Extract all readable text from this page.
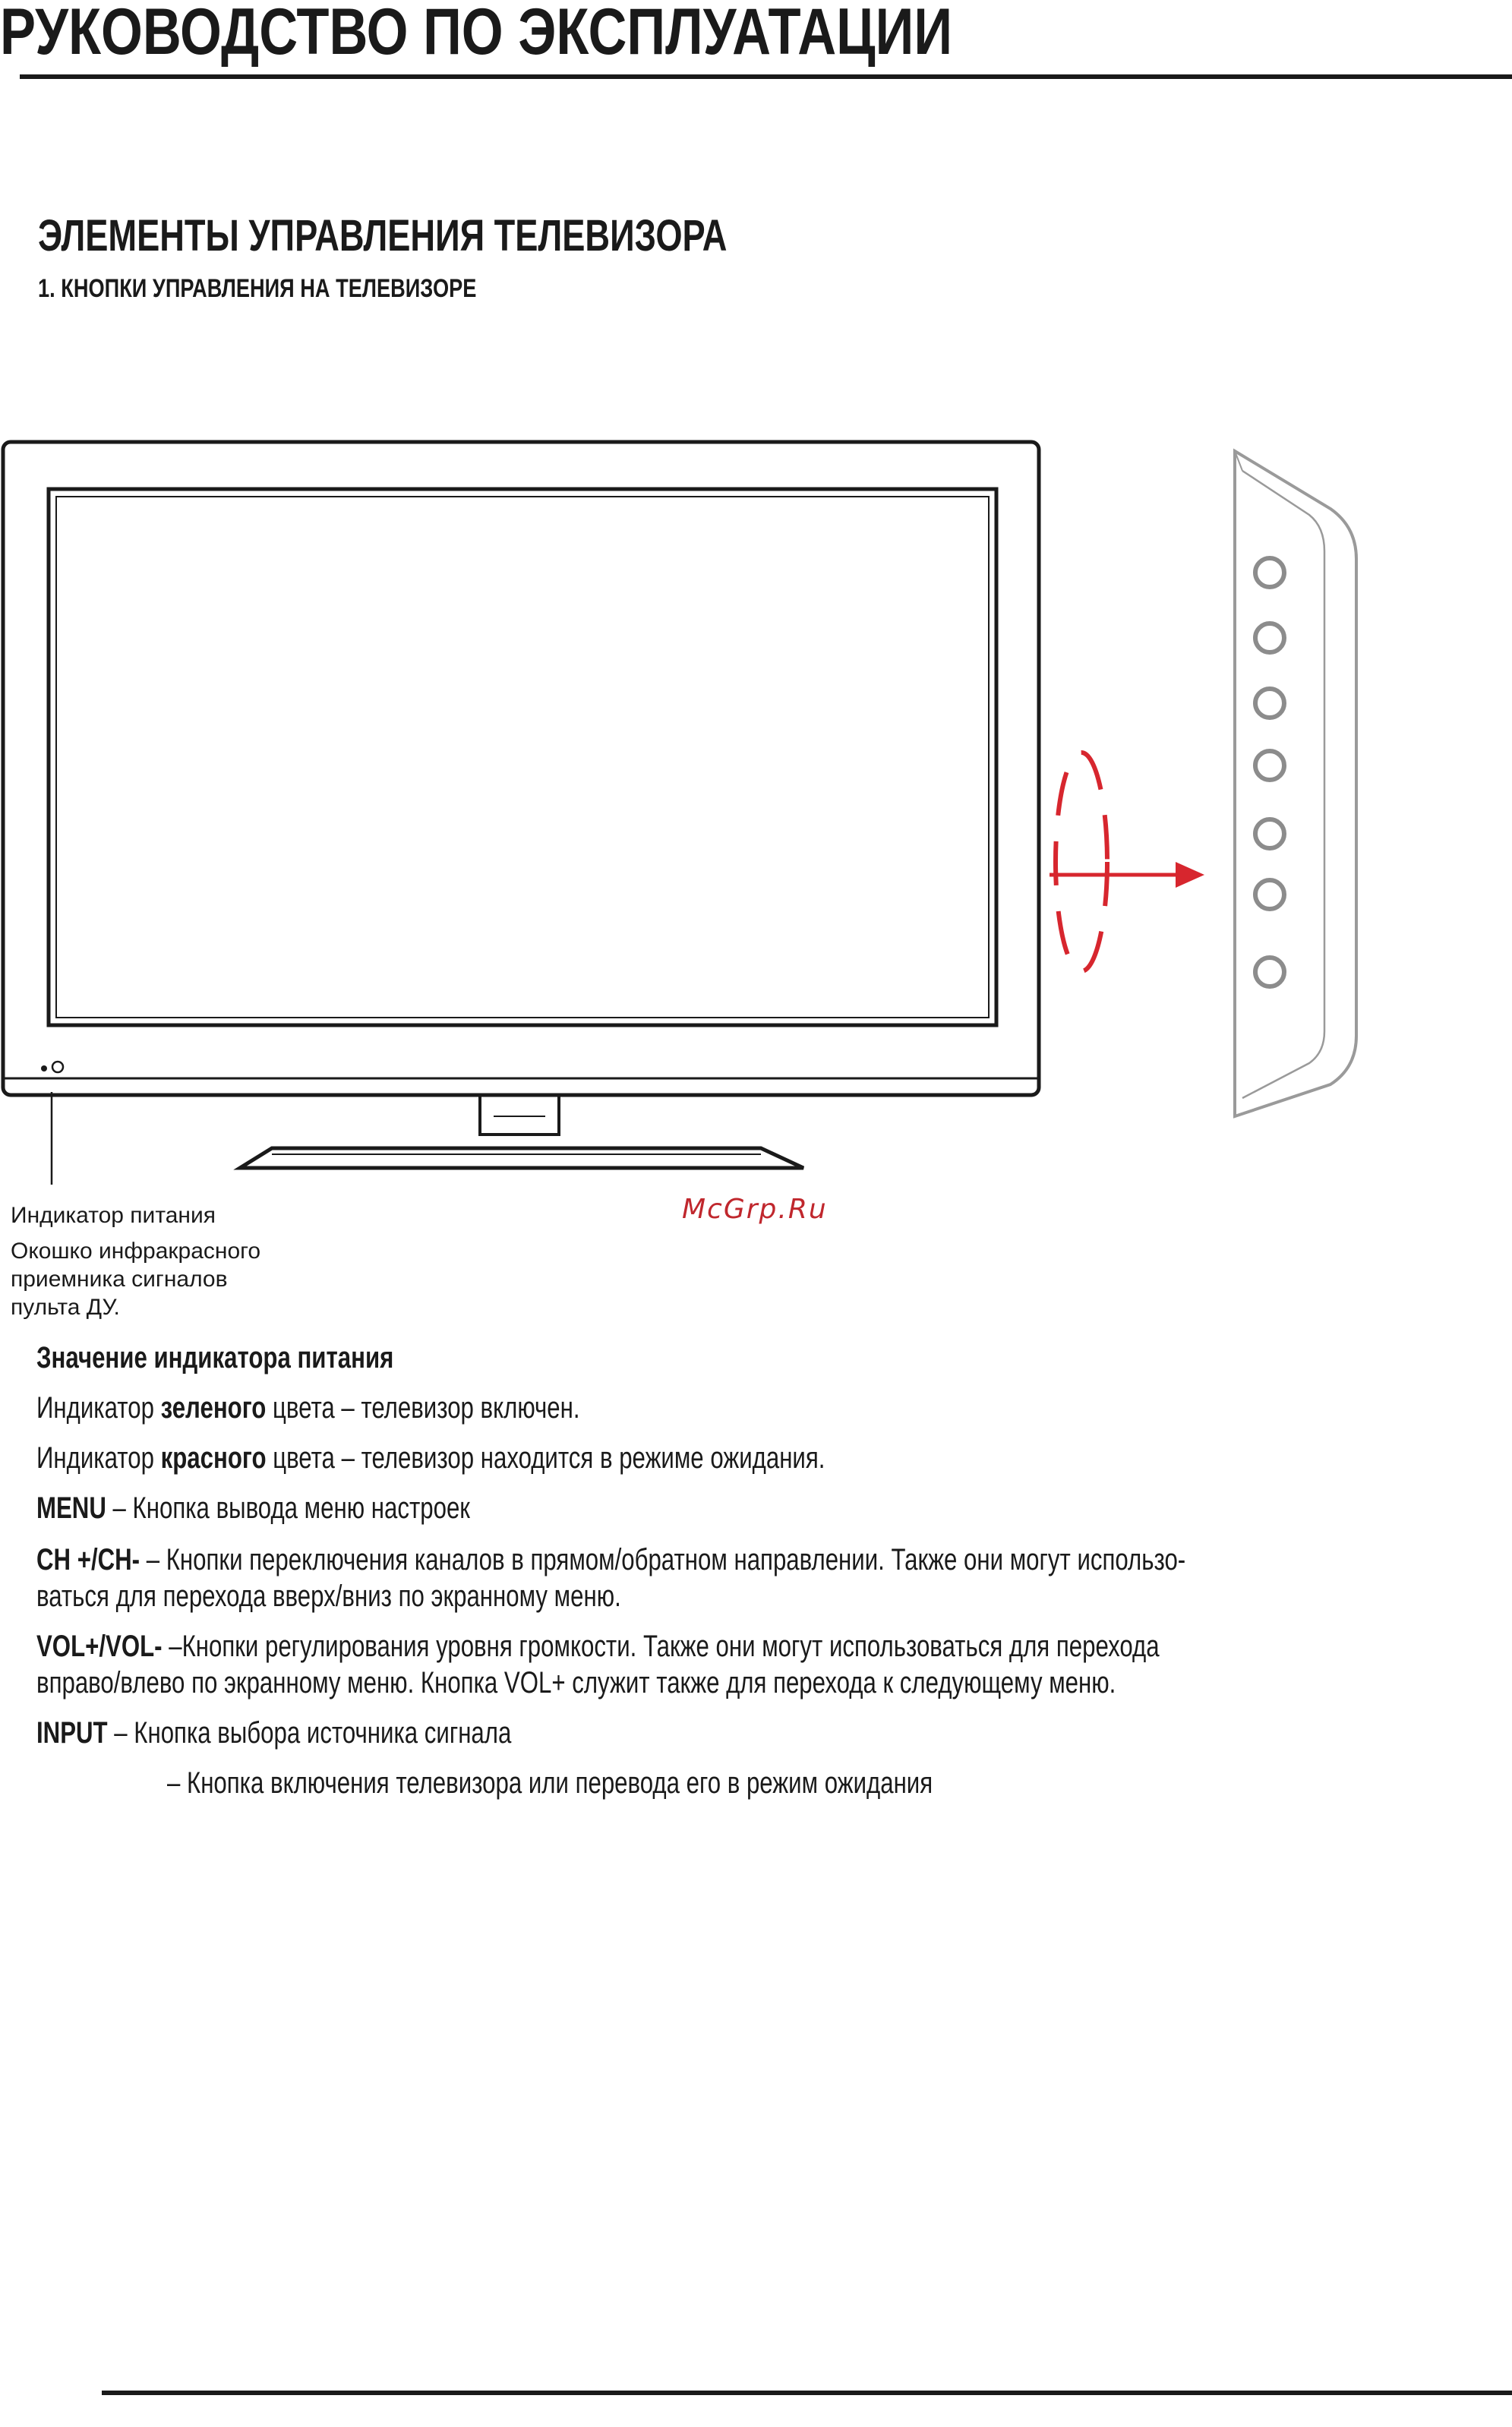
РУКОВОДСТВО ПО ЭКСПЛУАТАЦИИ
ЭЛЕМЕНТЫ УПРАВЛЕНИЯ ТЕЛЕВИЗОРА
1. КНОПКИ УПРАВЛЕНИЯ НА ТЕЛЕВИЗОРЕ
Индикатор питания
Окошко инфракрасного
приемника сигналов
пульта ДУ.
McGrp.Ru

Значение индикатора питания

Индикатор зеленого цвета – телевизор включен.

Индикатор красного цвета – телевизор находится в режиме ожидания.

MENU – Кнопка вывода меню настроек

CH +/CH- – Кнопки переключения каналов в прямом/обратном направлении. Также они могут использо-

ваться для перехода вверх/вниз по экранному меню.

VOL+/VOL- –Кнопки регулирования уровня громкости. Также они могут использоваться для перехода

вправо/влево по экранному меню. Кнопка VOL+ служит также для перехода к следующему меню.

INPUT – Кнопка выбора источника сигнала

– Кнопка включения телевизора или перевода его в режим ожидания
